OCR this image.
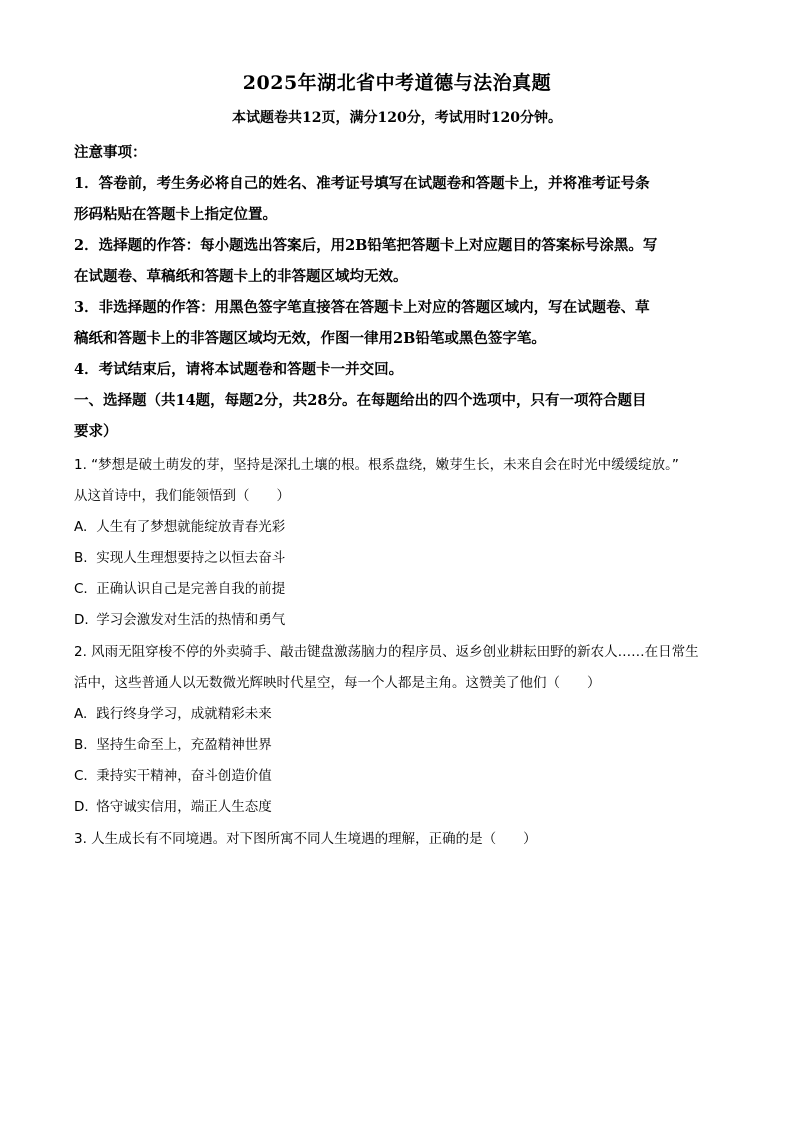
2025年湖北省中考道德与法治真题
本试题卷共12页，满分120分，考试用时120分钟。
注意事项：
1．答卷前，考生务必将自己的姓名、准考证号填写在试题卷和答题卡上，并将准考证号条
形码粘贴在答题卡上指定位置。
2．选择题的作答：每小题选出答案后，用2B铅笔把答题卡上对应题目的答案标号涂黑。写
在试题卷、草稿纸和答题卡上的非答题区域均无效。
3．非选择题的作答：用黑色签字笔直接答在答题卡上对应的答题区域内，写在试题卷、草
稿纸和答题卡上的非答题区域均无效，作图一律用2B铅笔或黑色签字笔。
4．考试结束后，请将本试题卷和答题卡一并交回。
一、选择题（共14题，每题2分，共28分。在每题给出的四个选项中，只有一项符合题目
要求）
1. “梦想是破土萌发的芽，坚持是深扎土壤的根。根系盘绕，嫩芽生长，未来自会在时光中缓缓绽放。”
从这首诗中，我们能领悟到（　　）
A. 人生有了梦想就能绽放青春光彩
B. 实现人生理想要持之以恒去奋斗
C. 正确认识自己是完善自我的前提
D. 学习会激发对生活的热情和勇气
2. 风雨无阻穿梭不停的外卖骑手、敲击键盘激荡脑力的程序员、返乡创业耕耘田野的新农人……在日常生
活中，这些普通人以无数微光辉映时代星空，每一个人都是主角。这赞美了他们（　　）
A. 践行终身学习，成就精彩未来
B. 坚持生命至上，充盈精神世界
C. 秉持实干精神，奋斗创造价值
D. 恪守诚实信用，端正人生态度
3. 人生成长有不同境遇。对下图所寓不同人生境遇的理解，正确的是（　　）
